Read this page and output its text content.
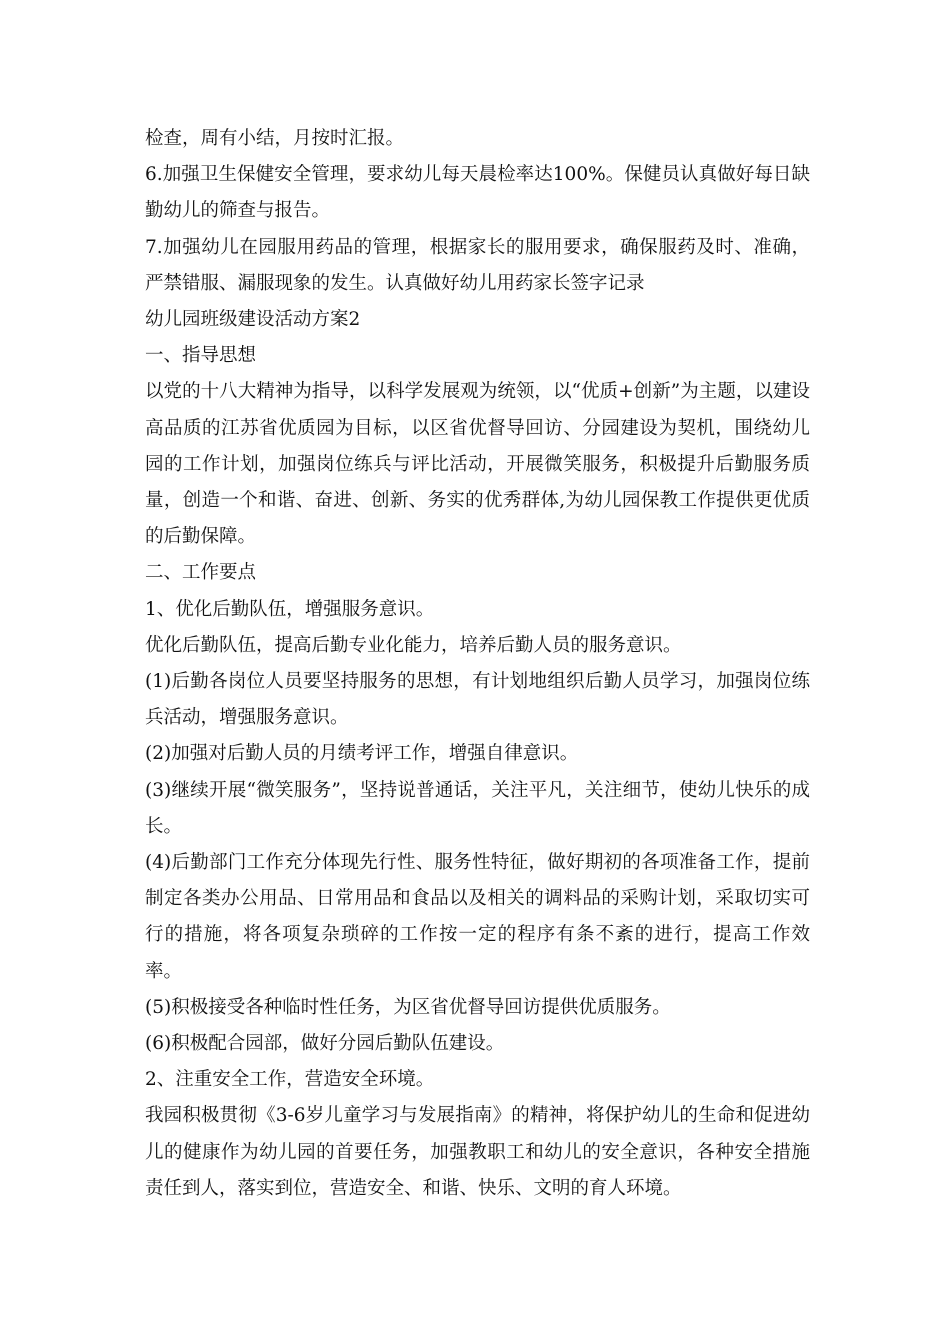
检查，周有小结，月按时汇报。

6.加强卫生保健安全管理，要求幼儿每天晨检率达100%。保健员认真做好每日缺勤幼儿的筛查与报告。

7.加强幼儿在园服用药品的管理，根据家长的服用要求，确保服药及时、准确，严禁错服、漏服现象的发生。认真做好幼儿用药家长签字记录

幼儿园班级建设活动方案2

一、指导思想

以党的十八大精神为指导，以科学发展观为统领，以“优质+创新”为主题，以建设高品质的江苏省优质园为目标，以区省优督导回访、分园建设为契机，围绕幼儿园的工作计划，加强岗位练兵与评比活动，开展微笑服务，积极提升后勤服务质量，创造一个和谐、奋进、创新、务实的优秀群体,为幼儿园保教工作提供更优质的后勤保障。

二、工作要点

1、优化后勤队伍，增强服务意识。

优化后勤队伍，提高后勤专业化能力，培养后勤人员的服务意识。

(1)后勤各岗位人员要坚持服务的思想，有计划地组织后勤人员学习，加强岗位练兵活动，增强服务意识。

(2)加强对后勤人员的月绩考评工作，增强自律意识。

(3)继续开展“微笑服务”，坚持说普通话，关注平凡，关注细节，使幼儿快乐的成长。

(4)后勤部门工作充分体现先行性、服务性特征，做好期初的各项准备工作，提前制定各类办公用品、日常用品和食品以及相关的调料品的采购计划，采取切实可行的措施，将各项复杂琐碎的工作按一定的程序有条不紊的进行，提高工作效率。

(5)积极接受各种临时性任务，为区省优督导回访提供优质服务。

(6)积极配合园部，做好分园后勤队伍建设。

2、注重安全工作，营造安全环境。

我园积极贯彻《3-6岁儿童学习与发展指南》的精神，将保护幼儿的生命和促进幼儿的健康作为幼儿园的首要任务，加强教职工和幼儿的安全意识，各种安全措施责任到人，落实到位，营造安全、和谐、快乐、文明的育人环境。
